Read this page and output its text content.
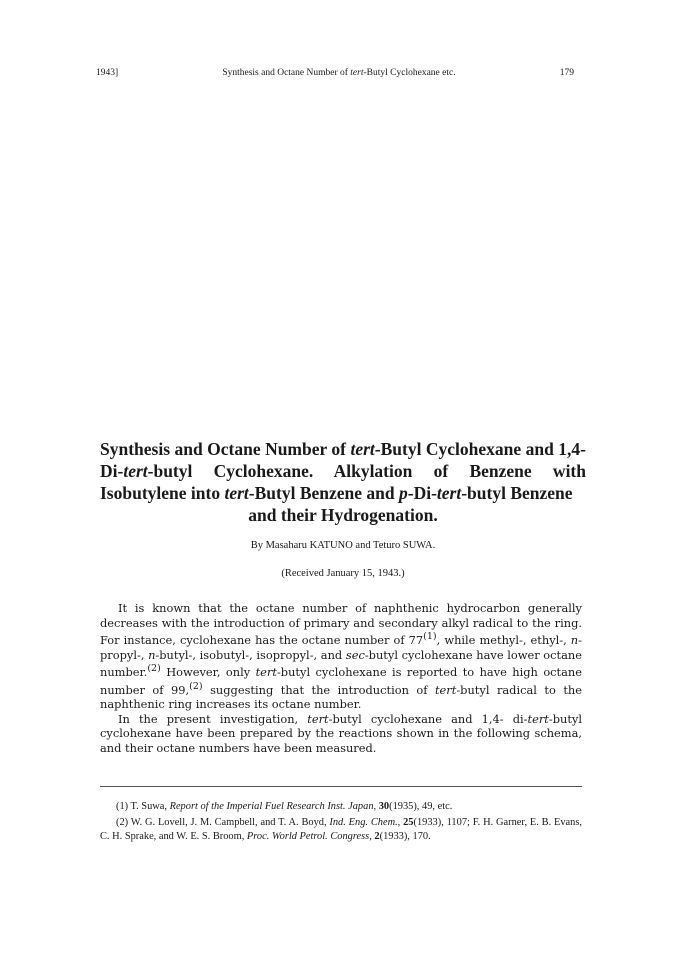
1943]	Synthesis and Octane Number of tert-Butyl Cyclohexane etc.	179
Synthesis and Octane Number of tert-Butyl Cyclohexane and 1,4-Di-tert-butyl Cyclohexane. Alkylation of Benzene with Isobutylene into tert-Butyl Benzene and p-Di-tert-butyl Benzene
and their Hydrogenation.
By Masaharu KATUNO and Teturo SUWA.
(Received January 15, 1943.)

It is known that the octane number of naphthenic hydrocarbon generally decreases with the introduction of primary and secondary alkyl radical to the ring. For instance, cyclohexane has the octane number of 77$^{(1)}$, while methyl-, ethyl-, n-propyl-, n-butyl-, isobutyl-, isopropyl-, and sec-butyl cyclohexane have lower octane number.$^{(2)}$ However, only tert-butyl cyclohexane is reported to have high octane number of 99,$^{(2)}$ suggesting that the introduction of tert-butyl radical to the naphthenic ring increases its octane number.

In the present investigation, tert-butyl cyclohexane and 1,4- di-tert-butyl cyclohexane have been prepared by the reactions shown in the following schema, and their octane numbers have been measured.

(1) T. Suwa, Report of the Imperial Fuel Research Inst. Japan, 30(1935), 49, etc.

(2) W. G. Lovell, J. M. Campbell, and T. A. Boyd, Ind. Eng. Chem., 25(1933), 1107; F. H. Garner, E. B. Evans, C. H. Sprake, and W. E. S. Broom, Proc. World Petrol. Congress, 2(1933), 170.
